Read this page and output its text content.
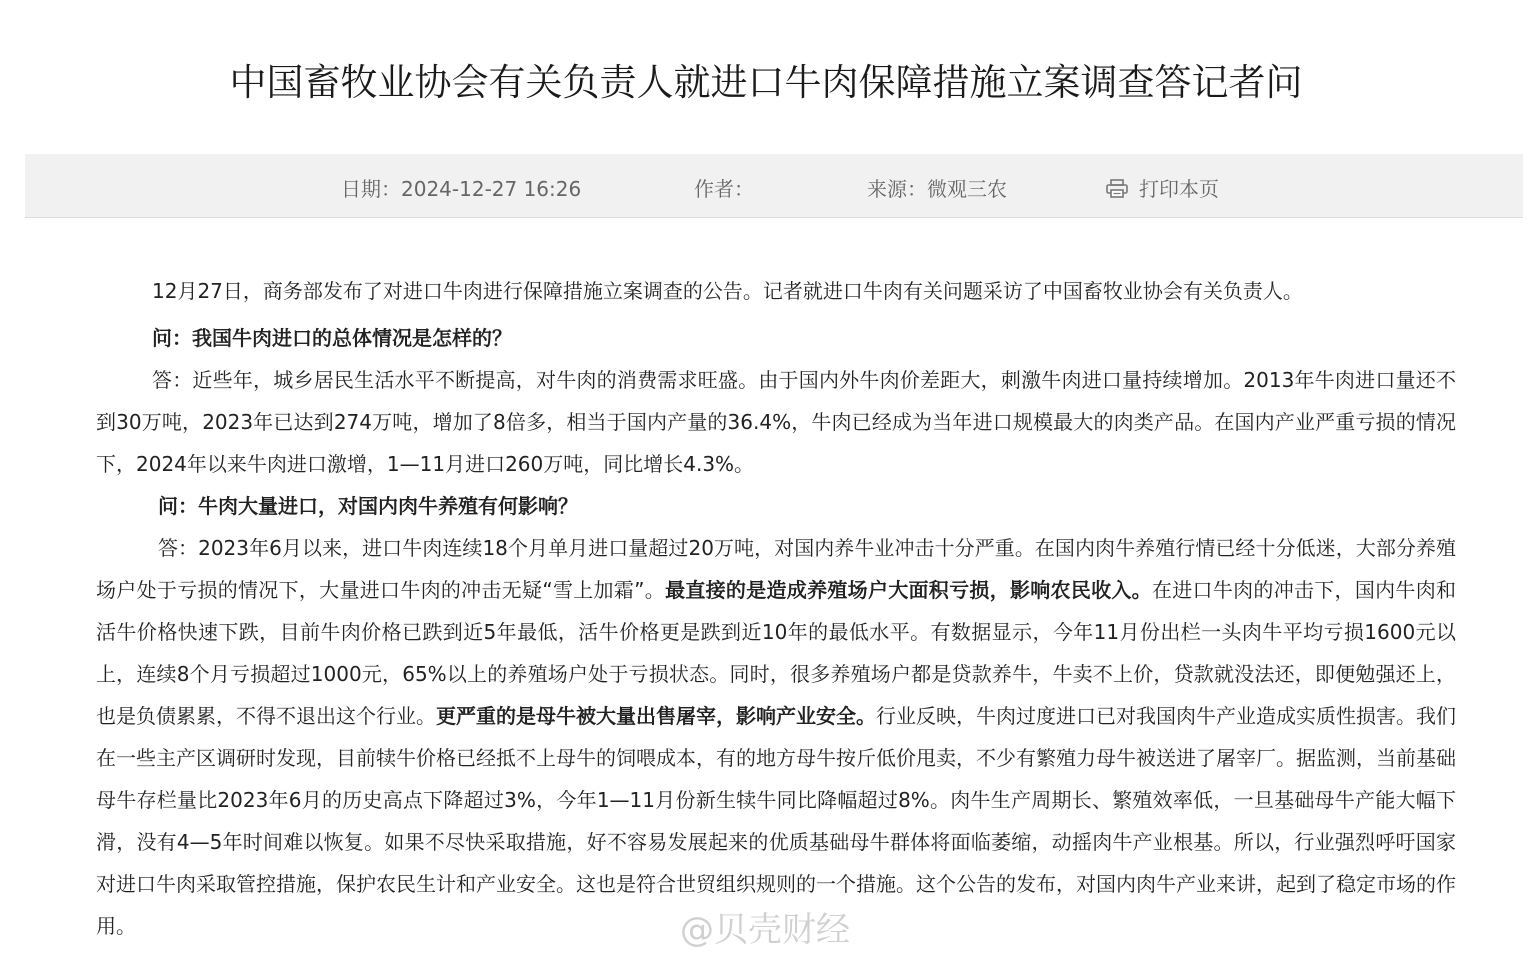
中国畜牧业协会有关负责人就进口牛肉保障措施立案调查答记者问
日期：2024-12-27 16:26	作者：	来源：微观三农	打印本页

12月27日，商务部发布了对进口牛肉进行保障措施立案调查的公告。记者就进口牛肉有关问题采访了中国畜牧业协会有关负责人。

问：我国牛肉进口的总体情况是怎样的？

答：近些年，城乡居民生活水平不断提高，对牛肉的消费需求旺盛。由于国内外牛肉价差距大，刺激牛肉进口量持续增加。2013年牛肉进口量还不到30万吨，2023年已达到274万吨，增加了8倍多，相当于国内产量的36.4%，牛肉已经成为当年进口规模最大的肉类产品。在国内产业严重亏损的情况下，2024年以来牛肉进口激增，1—11月进口260万吨，同比增长4.3%。

问：牛肉大量进口，对国内肉牛养殖有何影响？

答：2023年6月以来，进口牛肉连续18个月单月进口量超过20万吨，对国内养牛业冲击十分严重。在国内肉牛养殖行情已经十分低迷，大部分养殖场户处于亏损的情况下，大量进口牛肉的冲击无疑“雪上加霜”。最直接的是造成养殖场户大面积亏损，影响农民收入。在进口牛肉的冲击下，国内牛肉和活牛价格快速下跌，目前牛肉价格已跌到近5年最低，活牛价格更是跌到近10年的最低水平。有数据显示，今年11月份出栏一头肉牛平均亏损1600元以上，连续8个月亏损超过1000元，65%以上的养殖场户处于亏损状态。同时，很多养殖场户都是贷款养牛，牛卖不上价，贷款就没法还，即便勉强还上，也是负债累累，不得不退出这个行业。更严重的是母牛被大量出售屠宰，影响产业安全。行业反映，牛肉过度进口已对我国肉牛产业造成实质性损害。我们在一些主产区调研时发现，目前犊牛价格已经抵不上母牛的饲喂成本，有的地方母牛按斤低价甩卖，不少有繁殖力母牛被送进了屠宰厂。据监测，当前基础母牛存栏量比2023年6月的历史高点下降超过3%，今年1—11月份新生犊牛同比降幅超过8%。肉牛生产周期长、繁殖效率低，一旦基础母牛产能大幅下滑，没有4—5年时间难以恢复。如果不尽快采取措施，好不容易发展起来的优质基础母牛群体将面临萎缩，动摇肉牛产业根基。所以，行业强烈呼吁国家对进口牛肉采取管控措施，保护农民生计和产业安全。这也是符合世贸组织规则的一个措施。这个公告的发布，对国内肉牛产业来讲，起到了稳定市场的作用。	@贝壳财经
